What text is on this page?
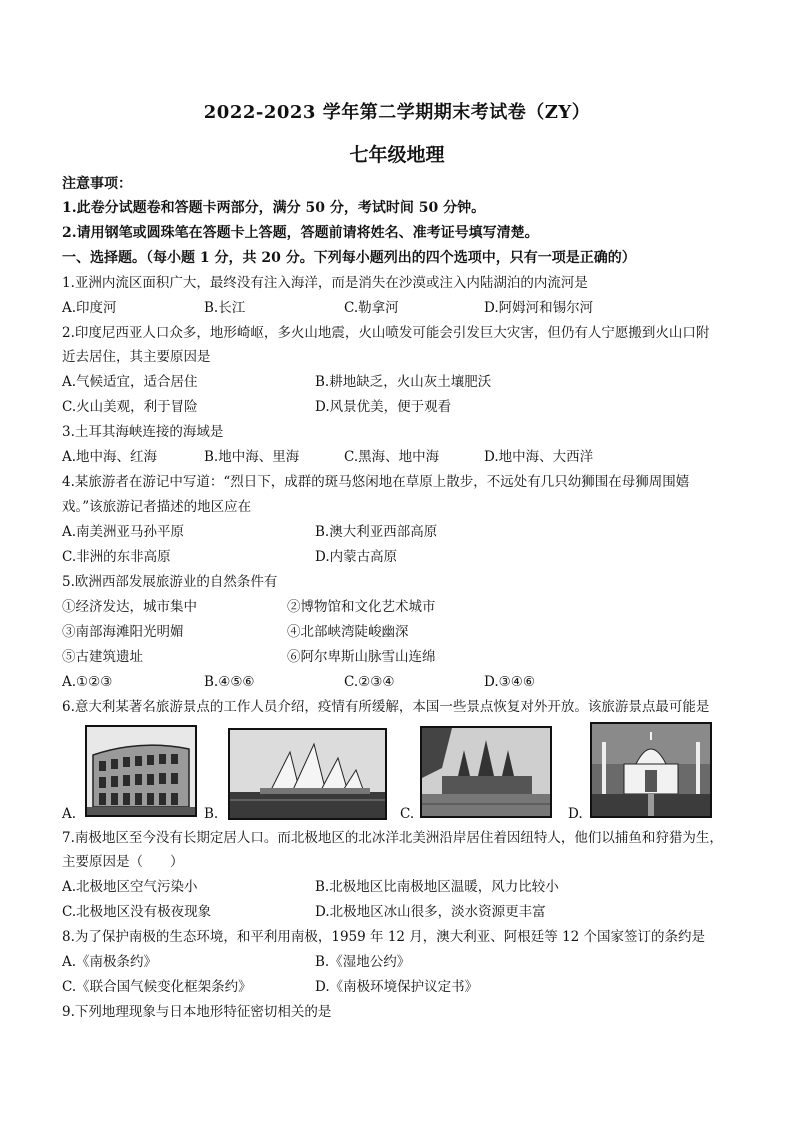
2022-2023 学年第二学期期末考试卷（ZY）
七年级地理
注意事项：
1.此卷分试题卷和答题卡两部分，满分 50 分，考试时间 50 分钟。
2.请用钢笔或圆珠笔在答题卡上答题，答题前请将姓名、准考证号填写清楚。
一、选择题。（每小题 1 分，共 20 分。下列每小题列出的四个选项中，只有一项是正确的）
1.亚洲内流区面积广大，最终没有注入海洋，而是消失在沙漠或注入内陆湖泊的内流河是
A.印度河	B.长江	C.勒拿河	D.阿姆河和锡尔河
2.印度尼西亚人口众多，地形崎岖，多火山地震，火山喷发可能会引发巨大灾害，但仍有人宁愿搬到火山口附
近去居住，其主要原因是
A.气候适宜，适合居住	B.耕地缺乏，火山灰土壤肥沃
C.火山美观，利于冒险	D.风景优美，便于观看
3.土耳其海峡连接的海域是
A.地中海、红海	B.地中海、里海	C.黑海、地中海	D.地中海、大西洋
4.某旅游者在游记中写道：“烈日下，成群的斑马悠闲地在草原上散步，不远处有几只幼狮围在母狮周围嬉
戏。”该旅游记者描述的地区应在
A.南美洲亚马孙平原	B.澳大利亚西部高原
C.非洲的东非高原	D.内蒙古高原
5.欧洲西部发展旅游业的自然条件有
①经济发达，城市集中	②博物馆和文化艺术城市
③南部海滩阳光明媚	④北部峡湾陡峻幽深
⑤古建筑遗址	⑥阿尔卑斯山脉雪山连绵
A.①②③	B.④⑤⑥	C.②③④	D.③④⑥
6.意大利某著名旅游景点的工作人员介绍，疫情有所缓解，本国一些景点恢复对外开放。该旅游景点最可能是
A.	B.	C.	D.
7.南极地区至今没有长期定居人口。而北极地区的北冰洋北美洲沿岸居住着因纽特人，他们以捕鱼和狩猎为生，
主要原因是（　　）
A.北极地区空气污染小	B.北极地区比南极地区温暖，风力比较小
C.北极地区没有极夜现象	D.北极地区冰山很多，淡水资源更丰富
8.为了保护南极的生态环境，和平利用南极，1959 年 12 月，澳大利亚、阿根廷等 12 个国家签订的条约是
A.《南极条约》	B.《湿地公约》
C.《联合国气候变化框架条约》	D.《南极环境保护议定书》
9.下列地理现象与日本地形特征密切相关的是
